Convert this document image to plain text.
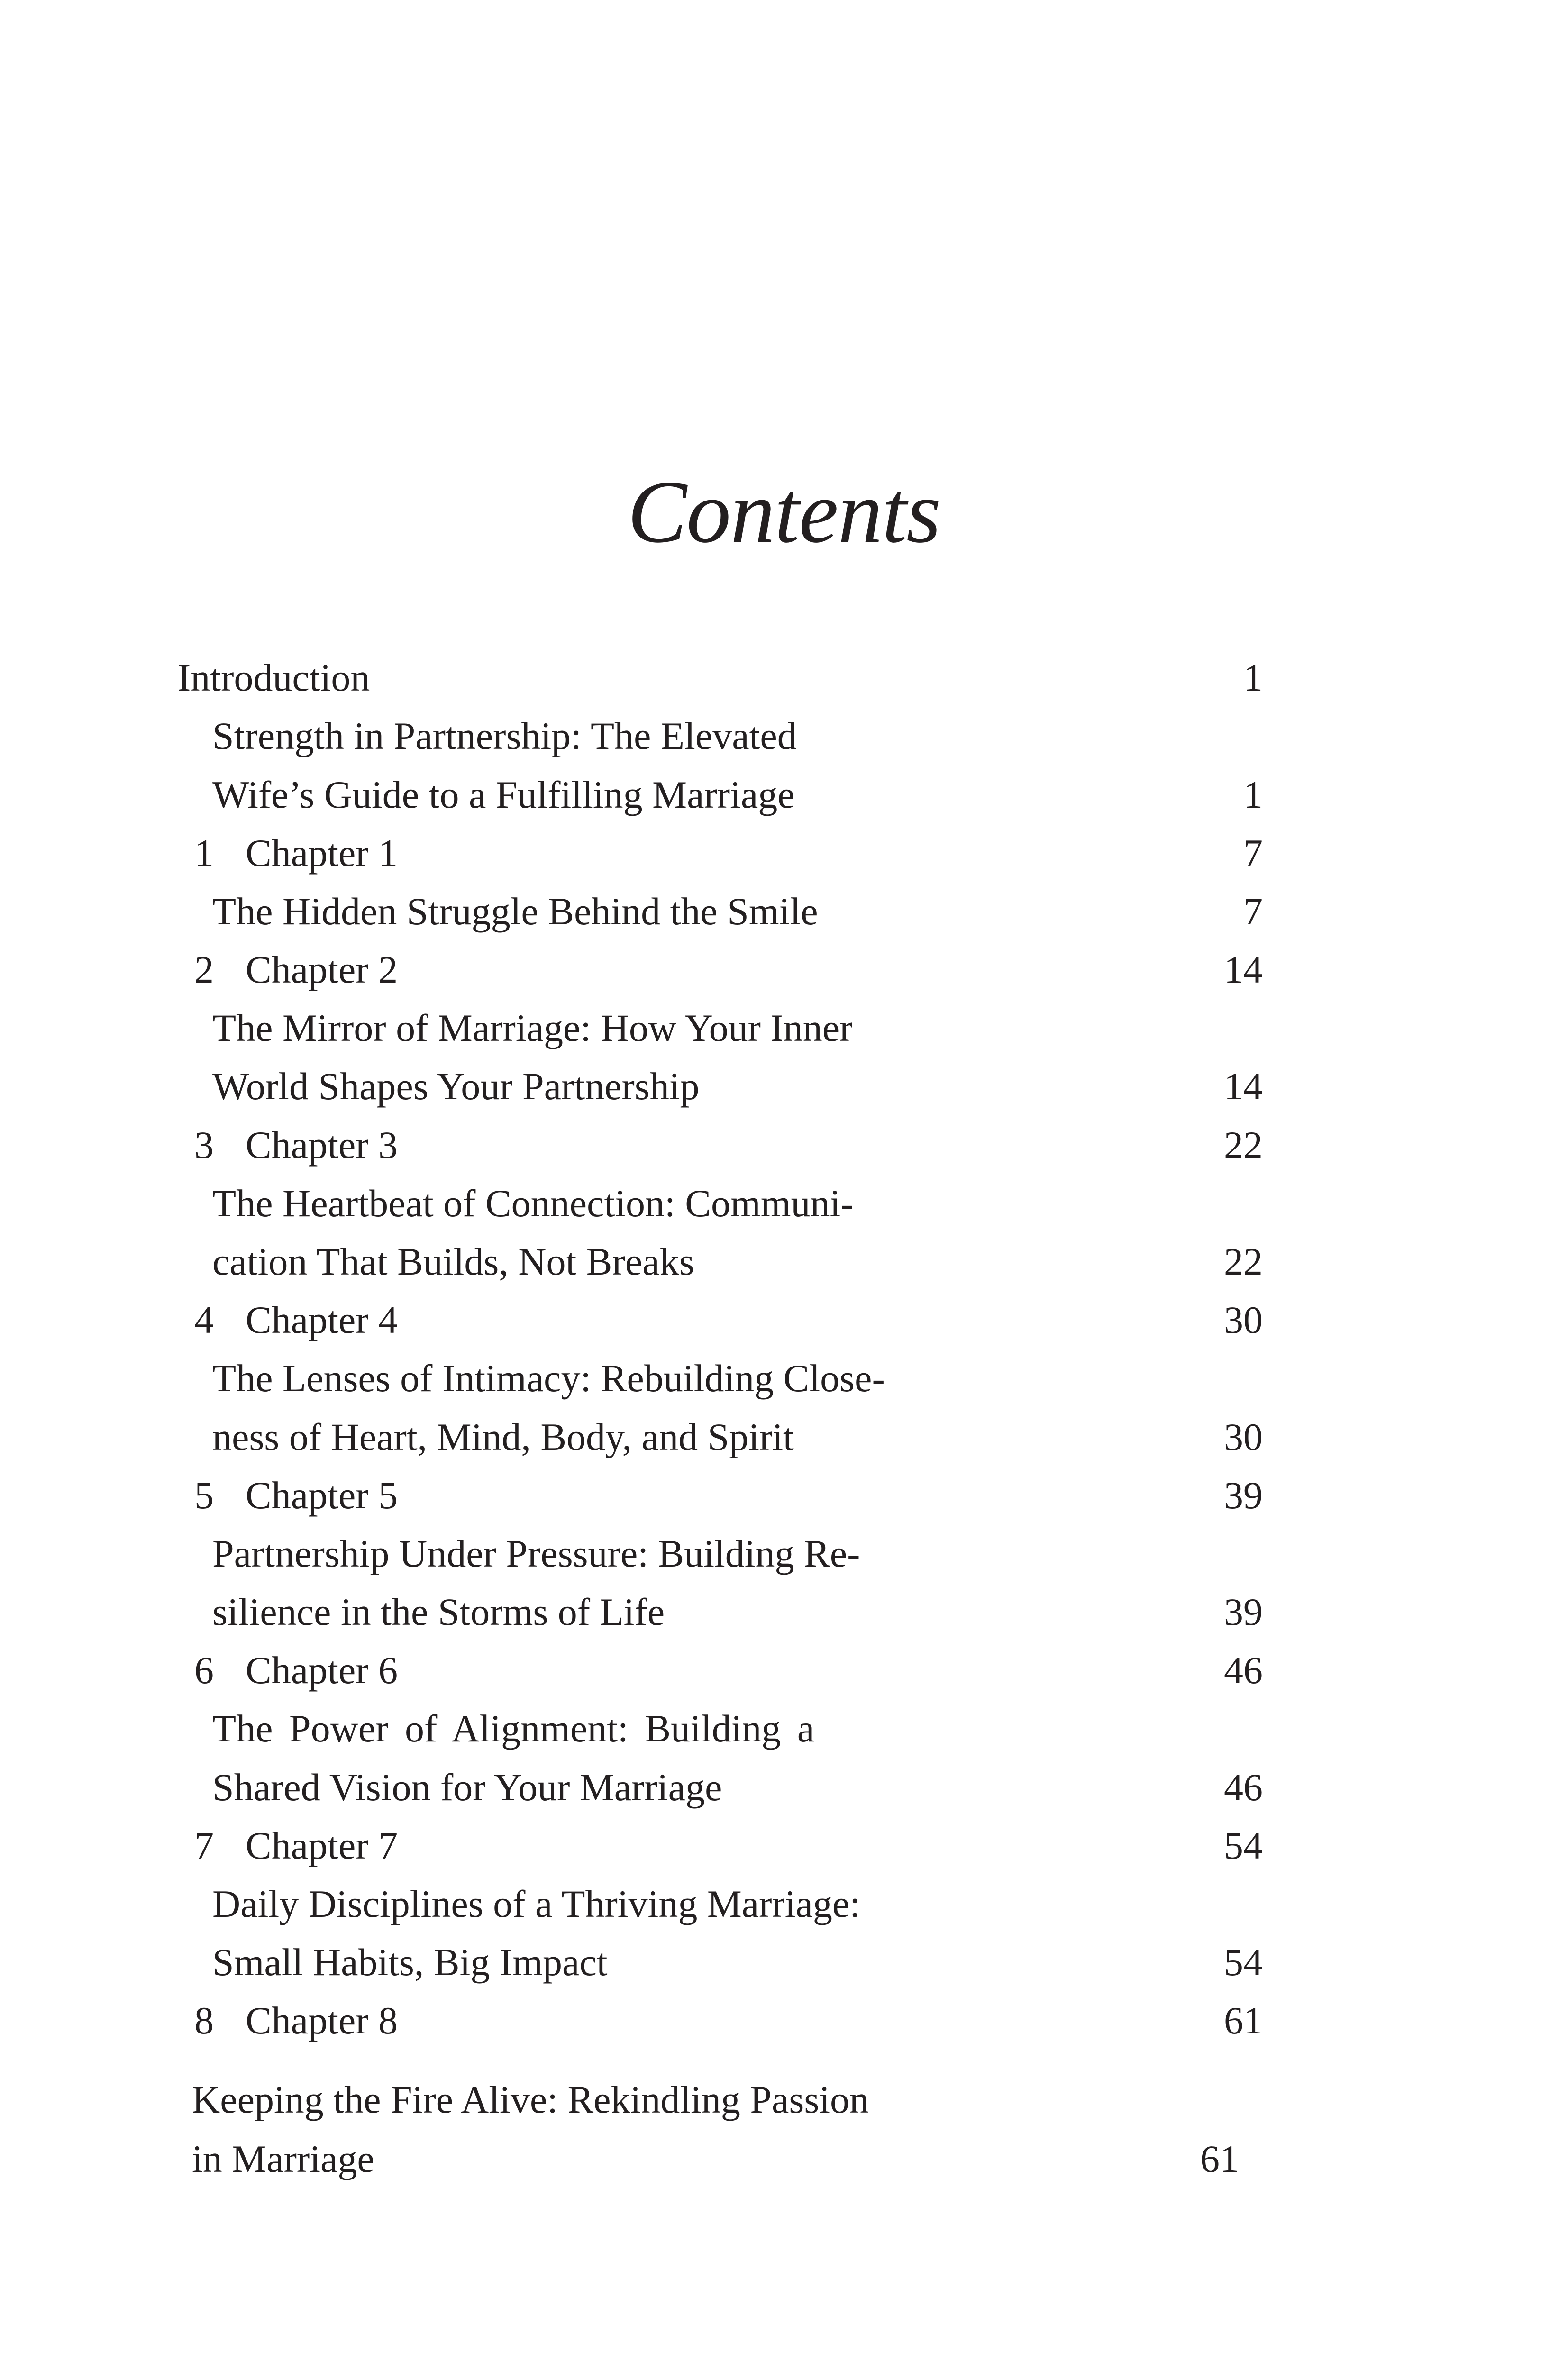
Contents
Introduction	1
Strength in Partnership: The Elevated
Wife’s Guide to a Fulfilling Marriage	1
1 Chapter 1	7
The Hidden Struggle Behind the Smile	7
2 Chapter 2	14
The Mirror of Marriage: How Your Inner
World Shapes Your Partnership	14
3 Chapter 3	22
The Heartbeat of Connection: Communi-
cation That Builds, Not Breaks	22
4 Chapter 4	30
The Lenses of Intimacy: Rebuilding Close-
ness of Heart, Mind, Body, and Spirit	30
5 Chapter 5	39
Partnership Under Pressure: Building Re-
silience in the Storms of Life	39
6 Chapter 6	46
The Power of Alignment: Building a
Shared Vision for Your Marriage	46
7 Chapter 7	54
Daily Disciplines of a Thriving Marriage:
Small Habits, Big Impact	54
8 Chapter 8	61
Keeping the Fire Alive: Rekindling Passion
in Marriage	61
